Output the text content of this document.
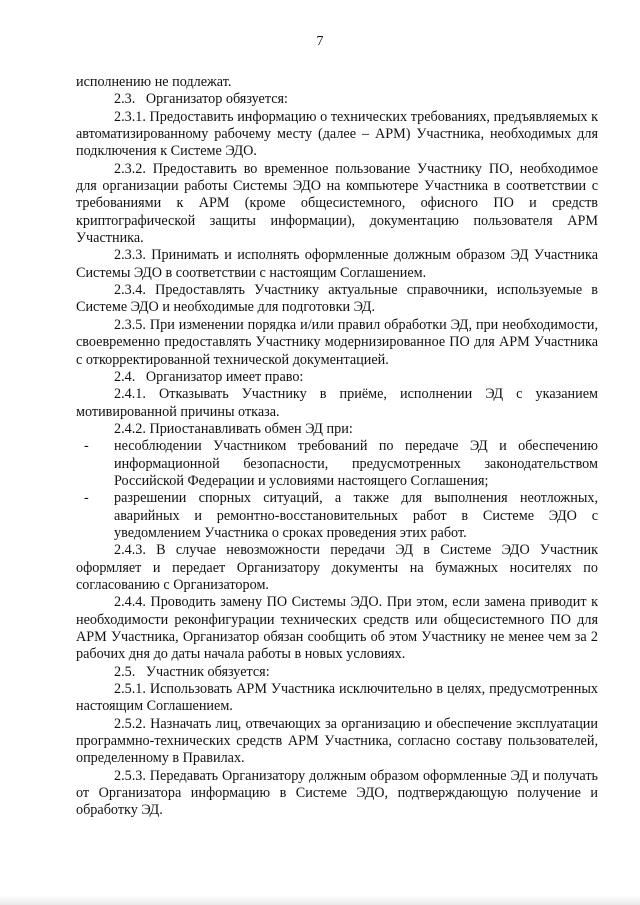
7

исполнению не подлежат.

2.3.   Организатор обязуется:

2.3.1. Предоставить информацию о технических требованиях, предъявляемых к автоматизированному рабочему месту (далее – АРМ) Участника, необходимых для подключения к Системе ЭДО.

2.3.2. Предоставить во временное пользование Участнику ПО, необходимое для организации работы Системы ЭДО на компьютере Участника в соответствии с требованиями к АРМ (кроме общесистемного, офисного ПО и средств криптографической защиты информации), документацию пользователя АРМ Участника.

2.3.3. Принимать и исполнять оформленные должным образом ЭД Участника Системы ЭДО в соответствии с настоящим Соглашением.

2.3.4. Предоставлять Участнику актуальные справочники, используемые в Системе ЭДО и необходимые для подготовки ЭД.

2.3.5. При изменении порядка и/или правил обработки ЭД, при необходимости, своевременно предоставлять Участнику модернизированное ПО для АРМ Участника с откорректированной технической документацией.

2.4.   Организатор имеет право:

2.4.1. Отказывать Участнику в приёме, исполнении ЭД с указанием мотивированной причины отказа.

2.4.2. Приостанавливать обмен ЭД при:

- несоблюдении Участником требований по передаче ЭД и обеспечению информационной безопасности, предусмотренных законодательством Российской Федерации и условиями настоящего Соглашения;

- разрешении спорных ситуаций, а также для выполнения неотложных, аварийных и ремонтно-восстановительных работ в Системе ЭДО с уведомлением Участника о сроках проведения этих работ.

2.4.3. В случае невозможности передачи ЭД в Системе ЭДО Участник оформляет и передает Организатору документы на бумажных носителях по согласованию с Организатором.

2.4.4. Проводить замену ПО Системы ЭДО. При этом, если замена приводит к необходимости реконфигурации технических средств или общесистемного ПО для АРМ Участника, Организатор обязан сообщить об этом Участнику не менее чем за 2 рабочих дня до даты начала работы в новых условиях.

2.5.   Участник обязуется:

2.5.1. Использовать АРМ Участника исключительно в целях, предусмотренных настоящим Соглашением.

2.5.2. Назначать лиц, отвечающих за организацию и обеспечение эксплуатации программно-технических средств АРМ Участника, согласно составу пользователей, определенному в Правилах.

2.5.3. Передавать Организатору должным образом оформленные ЭД и получать от Организатора информацию в Системе ЭДО, подтверждающую получение и обработку ЭД.
